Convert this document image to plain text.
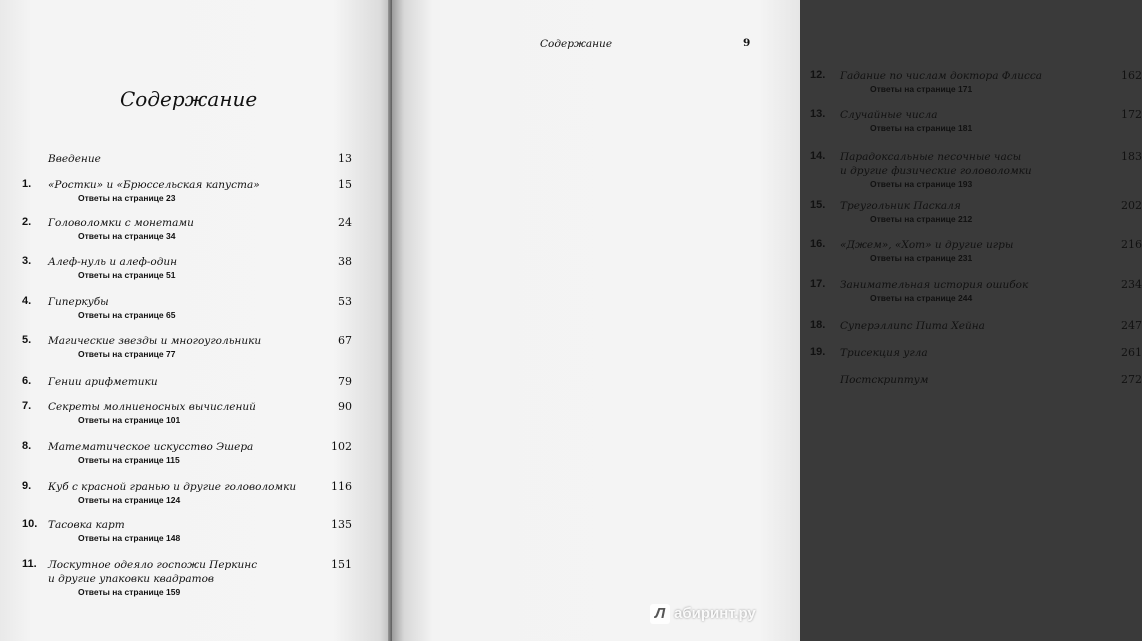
Содержание
Введение	13
1. «Ростки» и «Брюссельская капуста»	15
Ответы на странице 23
2. Головоломки с монетами	24
Ответы на странице 34
3. Алеф-нуль и алеф-один	38
Ответы на странице 51
4. Гиперкубы	53
Ответы на странице 65
5. Магические звезды и многоугольники	67
Ответы на странице 77
6. Гении арифметики	79
7. Секреты молниеносных вычислений	90
Ответы на странице 101
8. Математическое искусство Эшера	102
Ответы на странице 115
9. Куб с красной гранью и другие головоломки	116
Ответы на странице 124
10. Тасовка карт	135
Ответы на странице 148
11. Лоскутное одеяло госпожи Перкинс
и другие упаковки квадратов
151
Ответы на странице 159
12. Гадание по числам доктора Флисса	162
Ответы на странице 171
13. Случайные числа	172
Ответы на странице 181
14. Парадоксальные песочные часы
и другие физические головоломки
183
Ответы на странице 193
15. Треугольник Паскаля	202
Ответы на странице 212
16. «Джем», «Хот» и другие игры	216
Ответы на странице 231
17. Занимательная история ошибок	234
Ответы на странице 244
18. Суперэллипс Пита Хейна	247
19. Трисекция угла	261
Постскриптум	272
Содержание	9
Л абиринт.ру
